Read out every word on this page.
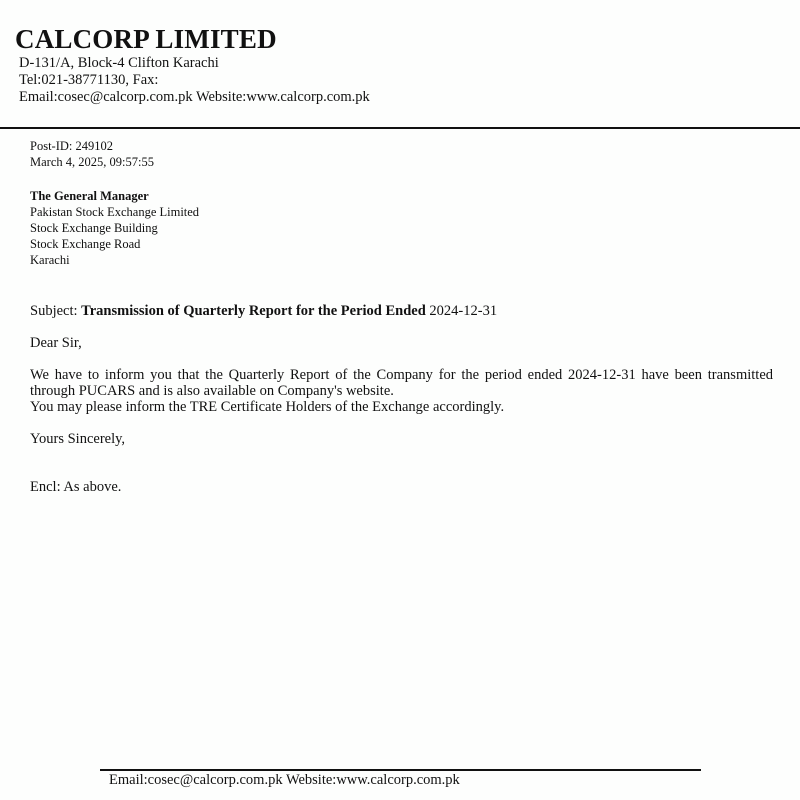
CALCORP LIMITED
D-131/A, Block-4 Clifton Karachi
Tel:021-38771130, Fax:
Email:cosec@calcorp.com.pk Website:www.calcorp.com.pk
Post-ID: 249102
March 4, 2025, 09:57:55
The General Manager
Pakistan Stock Exchange Limited
Stock Exchange Building
Stock Exchange Road
Karachi
Subject: Transmission of Quarterly Report for the Period Ended 2024-12-31
Dear Sir,
We have to inform you that the Quarterly Report of the Company for the period ended 2024-12-31 have been transmitted through PUCARS and is also available on Company's website.
You may please inform the TRE Certificate Holders of the Exchange accordingly.
Yours Sincerely,
Encl: As above.
Email:cosec@calcorp.com.pk Website:www.calcorp.com.pk
